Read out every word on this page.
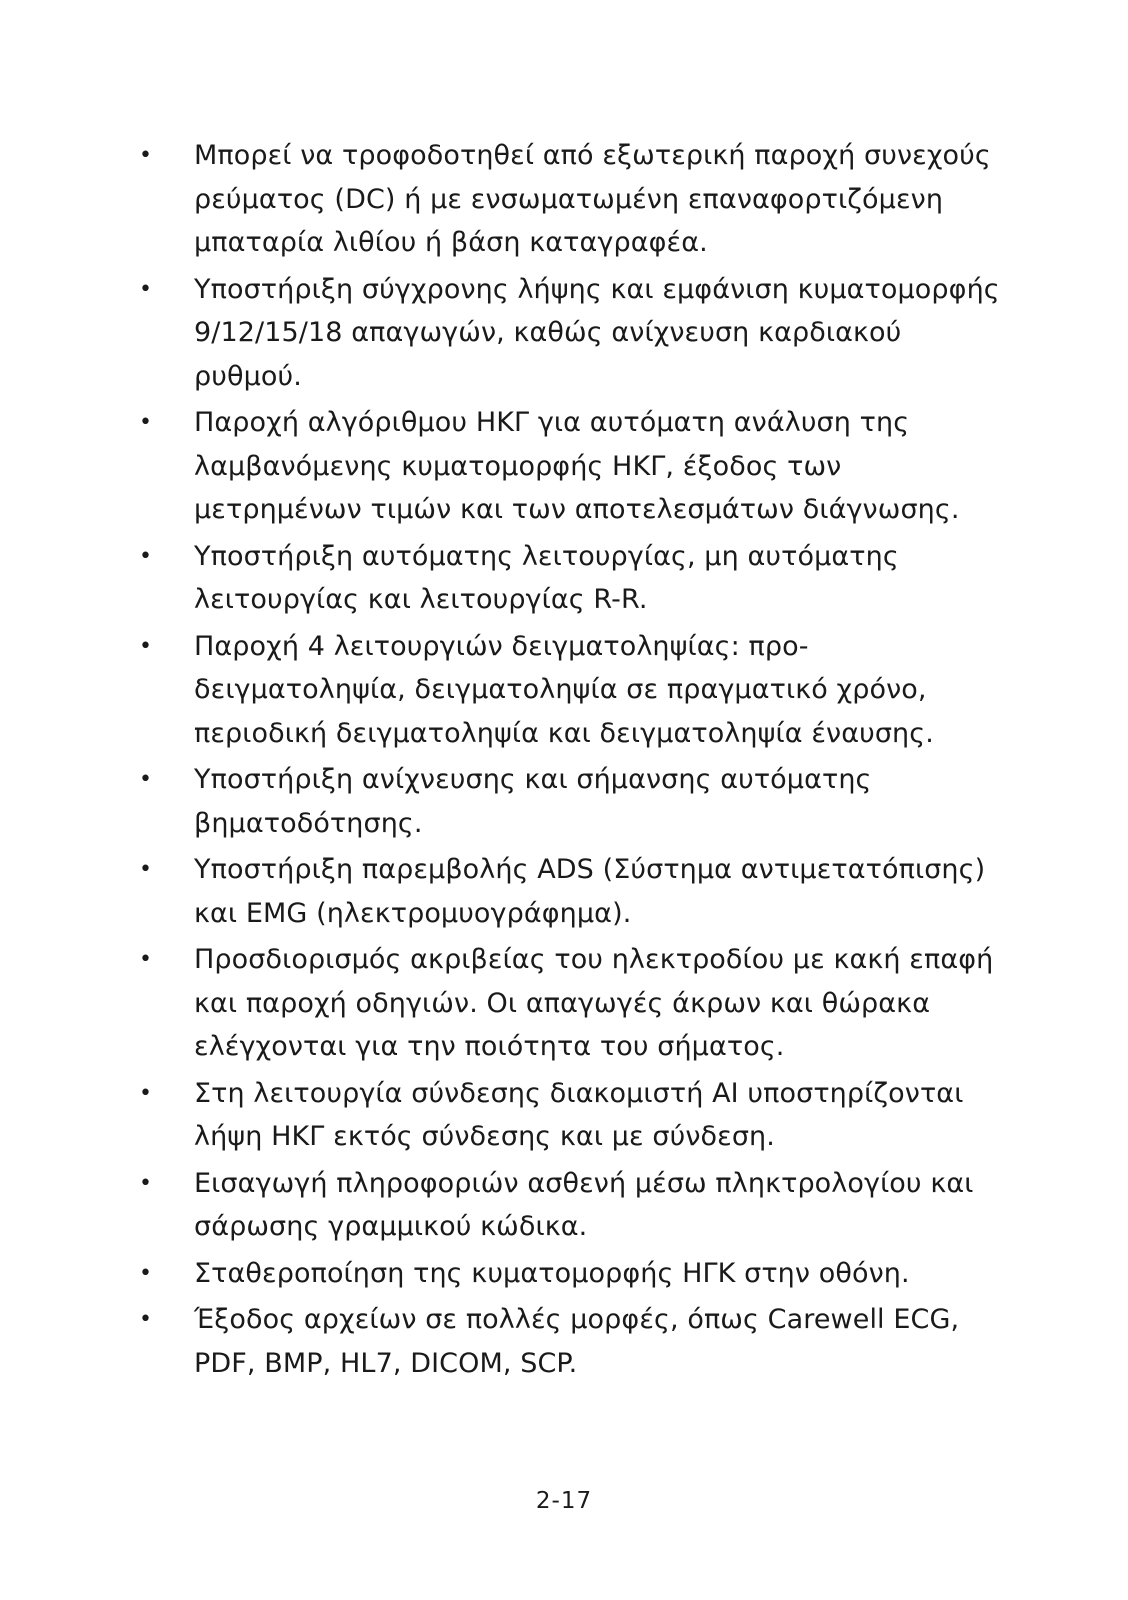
• Μπορεί να τροφοδοτηθεί από εξωτερική παροχή συνεχούς ρεύματος (DC) ή με ενσωματωμένη επαναφορτιζόμενη μπαταρία λιθίου ή βάση καταγραφέα.
• Υποστήριξη σύγχρονης λήψης και εμφάνιση κυματομορφής 9/12/15/18 απαγωγών, καθώς ανίχνευση καρδιακού ρυθμού.
• Παροχή αλγόριθμου ΗΚΓ για αυτόματη ανάλυση της λαμβανόμενης κυματομορφής ΗΚΓ, έξοδος των μετρημένων τιμών και των αποτελεσμάτων διάγνωσης.
• Υποστήριξη αυτόματης λειτουργίας, μη αυτόματης λειτουργίας και λειτουργίας R-R.
• Παροχή 4 λειτουργιών δειγματοληψίας: προ-δειγματοληψία, δειγματοληψία σε πραγματικό χρόνο, περιοδική δειγματοληψία και δειγματοληψία έναυσης.
• Υποστήριξη ανίχνευσης και σήμανσης αυτόματης βηματοδότησης.
• Υποστήριξη παρεμβολής ADS (Σύστημα αντιμετατόπισης) και EMG (ηλεκτρομυογράφημα).
• Προσδιορισμός ακριβείας του ηλεκτροδίου με κακή επαφή και παροχή οδηγιών. Οι απαγωγές άκρων και θώρακα ελέγχονται για την ποιότητα του σήματος.
• Στη λειτουργία σύνδεσης διακομιστή AI υποστηρίζονται λήψη ΗΚΓ εκτός σύνδεσης και με σύνδεση.
• Εισαγωγή πληροφοριών ασθενή μέσω πληκτρολογίου και σάρωσης γραμμικού κώδικα.
• Σταθεροποίηση της κυματομορφής ΗΓΚ στην οθόνη.
• Έξοδος αρχείων σε πολλές μορφές, όπως Carewell ECG, PDF, BMP, HL7, DICOM, SCP.
2-17
